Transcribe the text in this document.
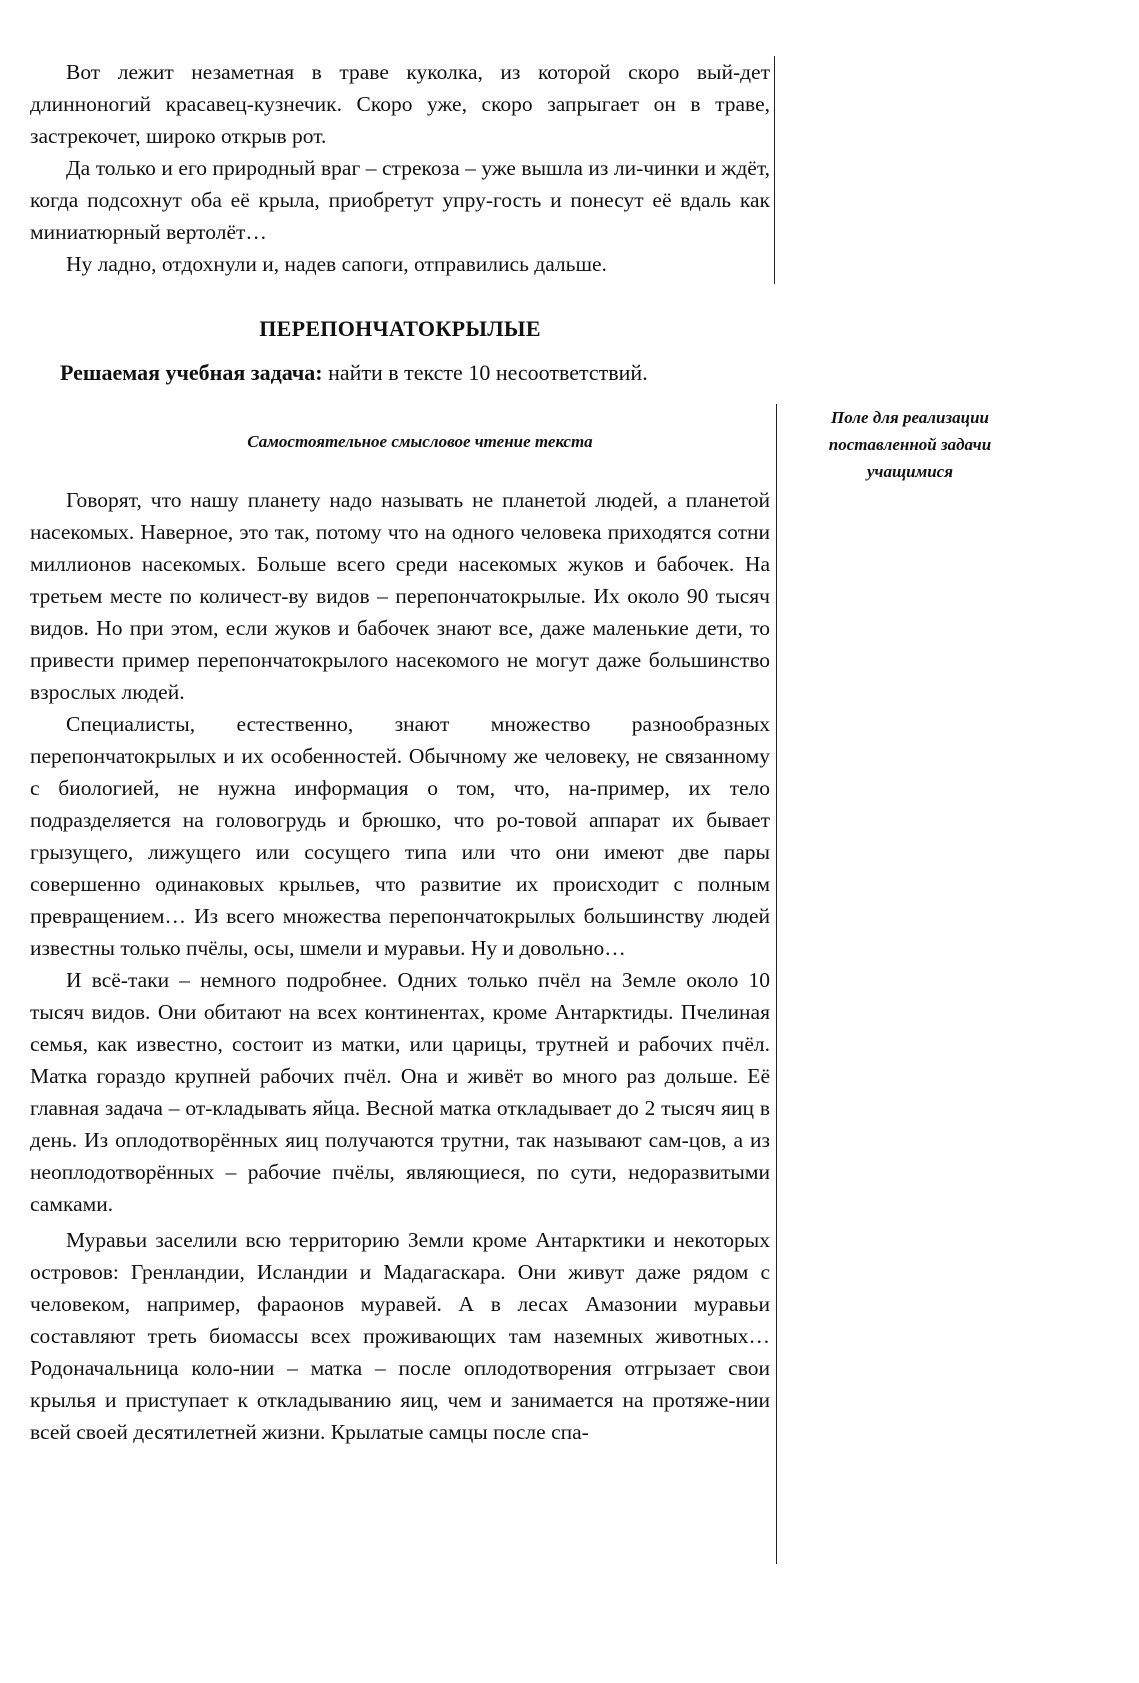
Вот лежит незаметная в траве куколка, из которой скоро вый-дет длинноногий красавец-кузнечик. Скоро уже, скоро запрыгает он в траве, застрекочет, широко открыв рот.

Да только и его природный враг – стрекоза – уже вышла из ли-чинки и ждёт, когда подсохнут оба её крыла, приобретут упру-гость и понесут её вдаль как миниатюрный вертолёт…

Ну ладно, отдохнули и, надев сапоги, отправились дальше.

ПЕРЕПОНЧАТОКРЫЛЫЕ
Решаемая учебная задача: найти в тексте 10 несоответствий.
Самостоятельное смысловое чтение текста
Поле для реализации
поставленной задачи
учащимися

Говорят, что нашу планету надо называть не планетой людей, а планетой насекомых. Наверное, это так, потому что на одного человека приходятся сотни миллионов насекомых. Больше всего среди насекомых жуков и бабочек. На третьем месте по количест-ву видов – перепончатокрылые. Их около 90 тысяч видов. Но при этом, если жуков и бабочек знают все, даже маленькие дети, то привести пример перепончатокрылого насекомого не могут даже большинство взрослых людей.

Специалисты, естественно, знают множество разнообразных перепончатокрылых и их особенностей. Обычному же человеку, не связанному с биологией, не нужна информация о том, что, на-пример, их тело подразделяется на головогрудь и брюшко, что ро-товой аппарат их бывает грызущего, лижущего или сосущего типа или что они имеют две пары совершенно одинаковых крыльев, что развитие их происходит с полным превращением… Из всего множества перепончатокрылых большинству людей известны только пчёлы, осы, шмели и муравьи. Ну и довольно…

И всё-таки – немного подробнее. Одних только пчёл на Земле около 10 тысяч видов. Они обитают на всех континентах, кроме Антарктиды. Пчелиная семья, как известно, состоит из матки, или царицы, трутней и рабочих пчёл. Матка гораздо крупней рабочих пчёл. Она и живёт во много раз дольше. Её главная задача – от-кладывать яйца. Весной матка откладывает до 2 тысяч яиц в день. Из оплодотворённых яиц получаются трутни, так называют сам-цов, а из неоплодотворённых – рабочие пчёлы, являющиеся, по сути, недоразвитыми самками.

Муравьи заселили всю территорию Земли кроме Антарктики и некоторых островов: Гренландии, Исландии и Мадагаскара. Они живут даже рядом с человеком, например, фараонов муравей. А в лесах Амазонии муравьи составляют треть биомассы всех проживающих там наземных животных… Родоначальница коло-нии – матка – после оплодотворения отгрызает свои крылья и приступает к откладыванию яиц, чем и занимается на протяже-нии всей своей десятилетней жизни. Крылатые самцы после спа-
